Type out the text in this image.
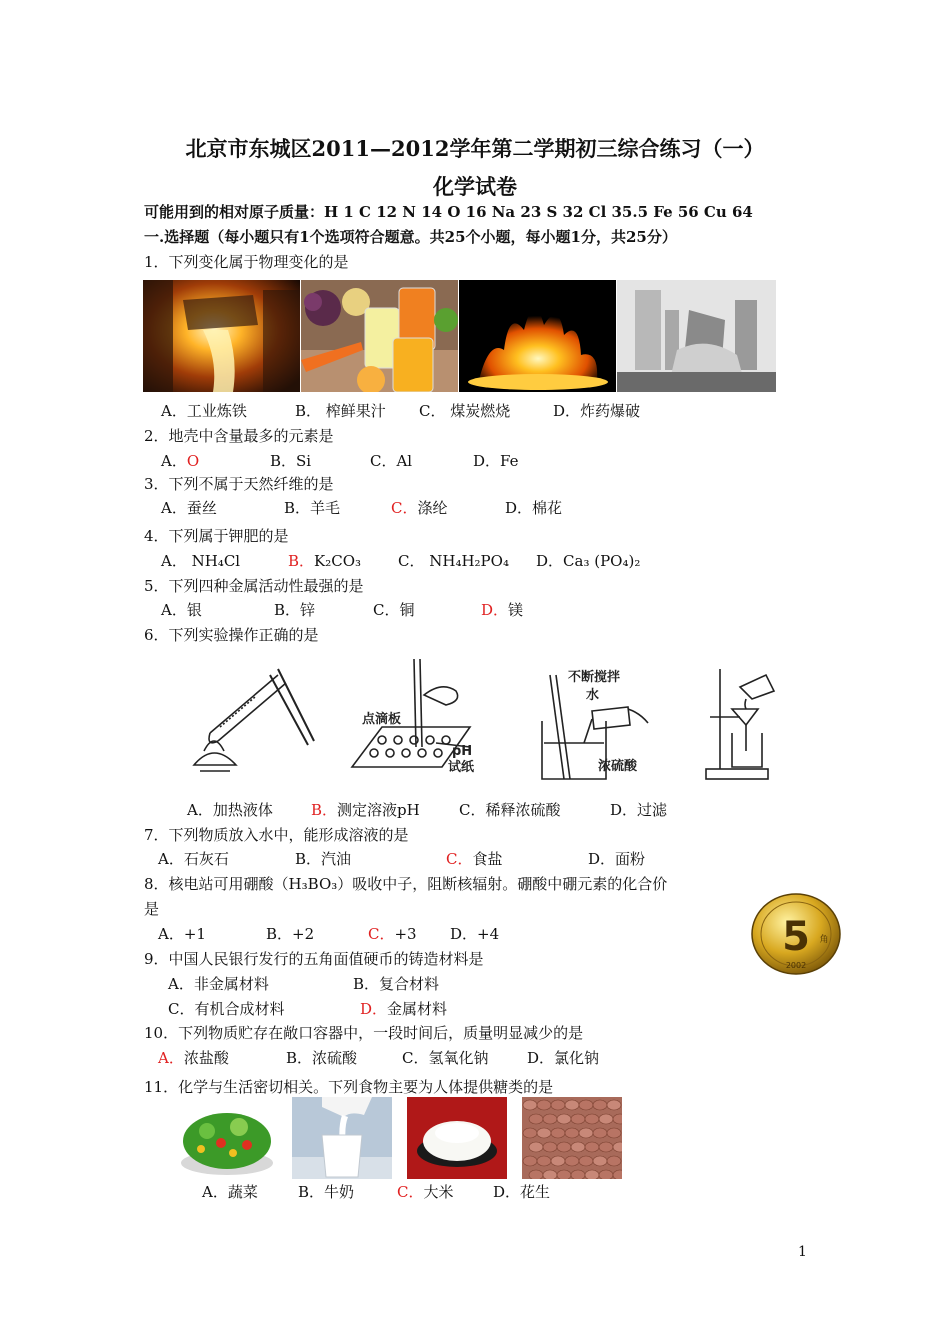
北京市东城区2011—2012学年第二学期初三综合练习（一）
化学试卷
可能用到的相对原子质量：H 1 C 12 N 14 O 16 Na 23 S 32 Cl 35.5 Fe 56 Cu 64
一.选择题（每小题只有1个选项符合题意。共25个小题，每小题1分，共25分）
1．下列变化属于物理变化的是
A．工业炼铁	B． 榨鲜果汁 C． 煤炭燃烧	D．炸药爆破
2．地壳中含量最多的元素是
A．O	B．Si	C．Al	D．Fe
3．下列不属于天然纤维的是
A．蚕丝	B．羊毛	C．涤纶	D．棉花
4．下列属于钾肥的是
A． NH₄Cl	B．K₂CO₃ C． NH₄H₂PO₄ D．Ca₃ (PO₄)₂
5．下列四种金属活动性最强的是
A．银	B．锌	C．铜	D．镁
6．下列实验操作正确的是
点滴板
pH
试纸
不断搅拌
水
浓硫酸
A．加热液体	B．测定溶液pH	C．稀释浓硫酸	D．过滤
7．下列物质放入水中，能形成溶液的是
A．石灰石	B．汽油	C．食盐	D．面粉
8．核电站可用硼酸（H₃BO₃）吸收中子，阻断核辐射。硼酸中硼元素的化合价
是
A．+1	B．+2	C．+3 D．+4	5 角
2002
9．中国人民银行发行的五角面值硬币的铸造材料是
A．非金属材料	B．复合材料
C．有机合成材料	D．金属材料
10．下列物质贮存在敞口容器中，一段时间后，质量明显减少的是
A．浓盐酸	B．浓硫酸	C．氢氧化钠	D．氯化钠
11．化学与生活密切相关。下列食物主要为人体提供糖类的是
A．蔬菜	B．牛奶	C．大米	D．花生
1
